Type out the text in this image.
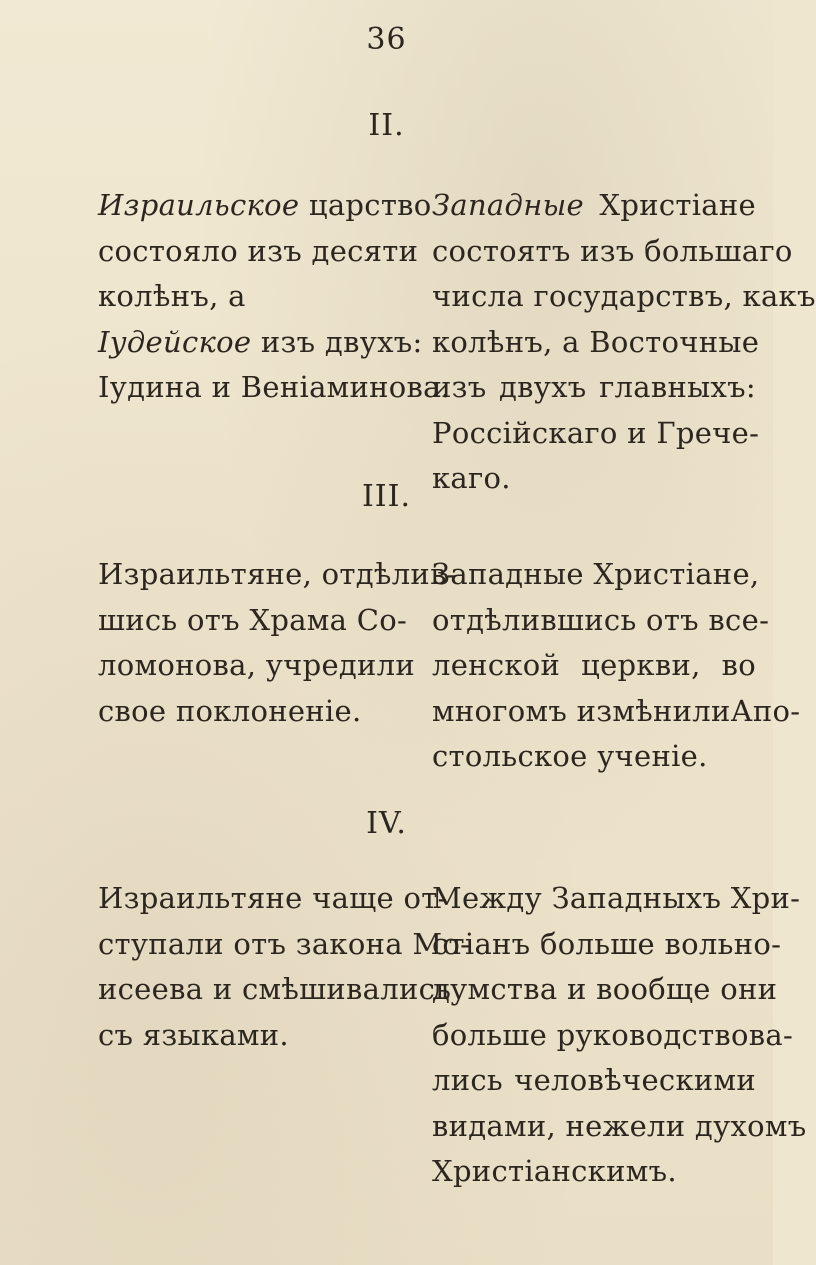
36
II.
Израильское царство
состояло изъ десяти
колѣнъ, а
Іудейское изъ двухъ:
Іудина и Веніаминова.
Западные Христіане
состоятъ изъ большаго
числа государствъ, какъ
колѣнъ, а Восточные
изъ двухъ главныхъ:
Россійскаго и Грече-
каго.
III.
Израильтяне, отдѣлив-
шись отъ Храма Со-
ломонова, учредили
свое поклоненіе.
Западные Христіане,
отдѣлившись отъ все-
ленской церкви, во
многомъ измѣнилиАпо-
стольское ученіе.
IV.
Израильтяне чаще от-
ступали отъ закона Мо-
исеева и смѣшивались
съ языками.
Между Западныхъ Хри-
стіанъ больше вольно-
думства и вообще они
больше руководствова-
лись человѣческими
видами, нежели духомъ
Христіанскимъ.
